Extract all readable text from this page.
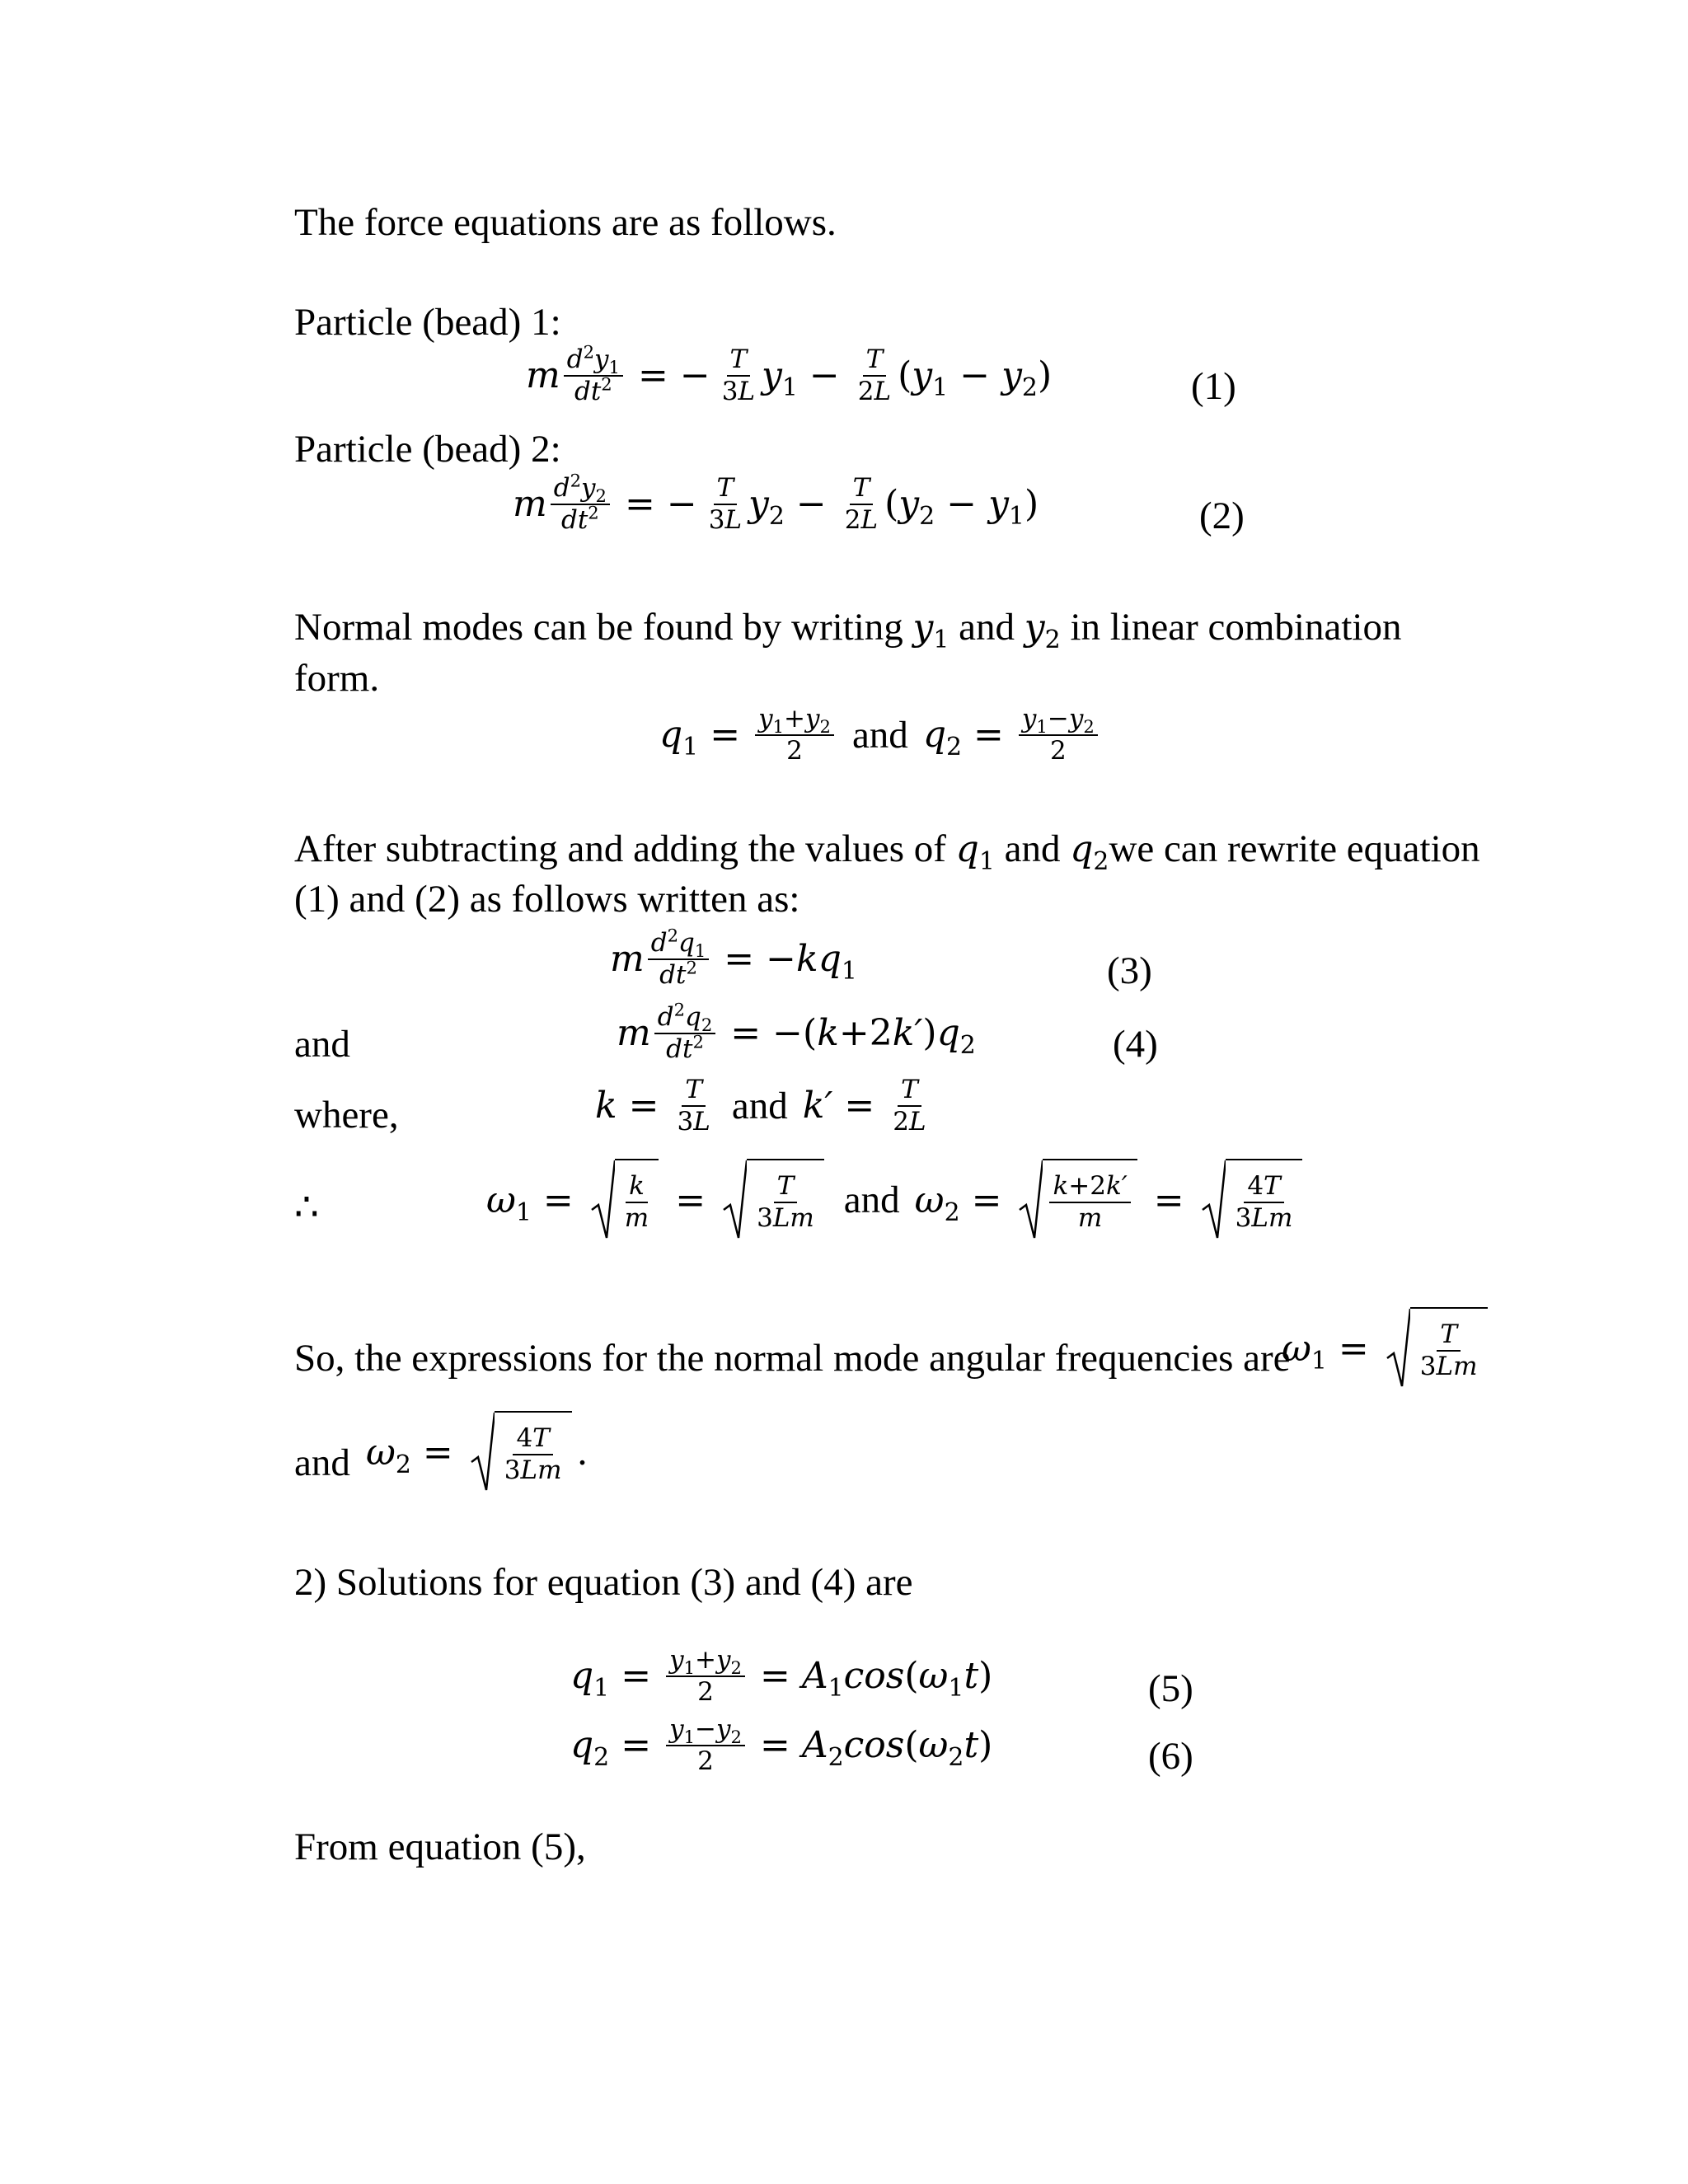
The force equations are as follows.
Particle (bead) 1:
m $\frac{d^2y_1}{dt^2}$ = − $\frac{T}{3L} y_1 - \frac{T}{2L}$ ( $y_1 - y_2$ )	(1)
Particle (bead) 2:
m $\frac{d^2y_2}{dt^2}$ = − $\frac{T}{3L} y_2 - \frac{T}{2L}$ ( $y_2 - y_1$ )	(2)
Normal modes can be found by writing $y_1$ and $y_2$ in linear combination
form.
$q_1 = \frac{y_1+y_2}{2}$ and $q_2 = \frac{y_1-y_2}{2}$
After subtracting and adding the values of $q_1$ and $q_2we$ can rewrite equation
(1) and (2) as follows written as:
m $\frac{d^2q_1}{dt^2}$ = − $kq_1$	(3)
and	m $\frac{d^2q_2}{dt^2}$ = −( k +2 k′ ) $q_2$	(4)
where,	$k = \frac{T}{3L}$ and $k' = \frac{T}{2L}$
∴	$\omega_1 = k$
m =	T
3Lm and $\omega_2 = k+2k'$
m = 4T
3Lm
So, the expressions for the normal mode angular frequencies are
$\omega_1$ =	T
3Lm
and $\omega_2 = 4T$
3Lm .
2) Solutions for equation (3) and (4) are
$q_1 = \frac{y_1+y_2}{2} = A_1\cos$ ( $\omega_1t$ )	(5)
$q_2 = \frac{y_1-y_2}{2} = A_2\cos$ ( $\omega_2t$ )	(6)
From equation (5),
